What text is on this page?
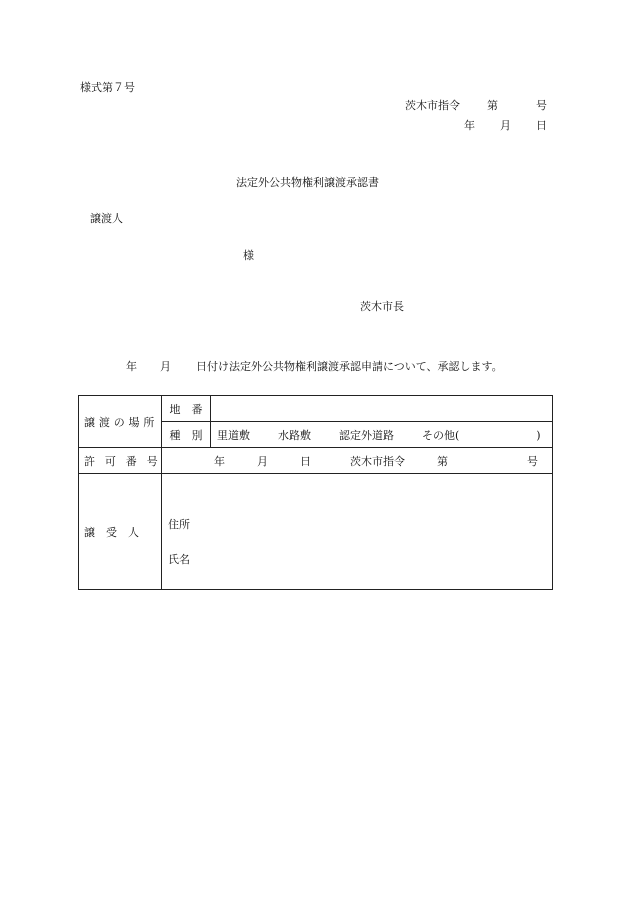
様式第７号
茨木市指令 第	号
年 月 日
法定外公共物権利譲渡承認書
譲渡人
様
茨木市長
年 月 日付け法定外公共物権利譲渡承認申請について、承認します。
譲渡の場所	地　番	
	種　別	里道敷 水路敷 認定外道路 その他( )
許可番号	年 月 日 茨木市指令 第 号	
譲　受　人	住所
氏名	
